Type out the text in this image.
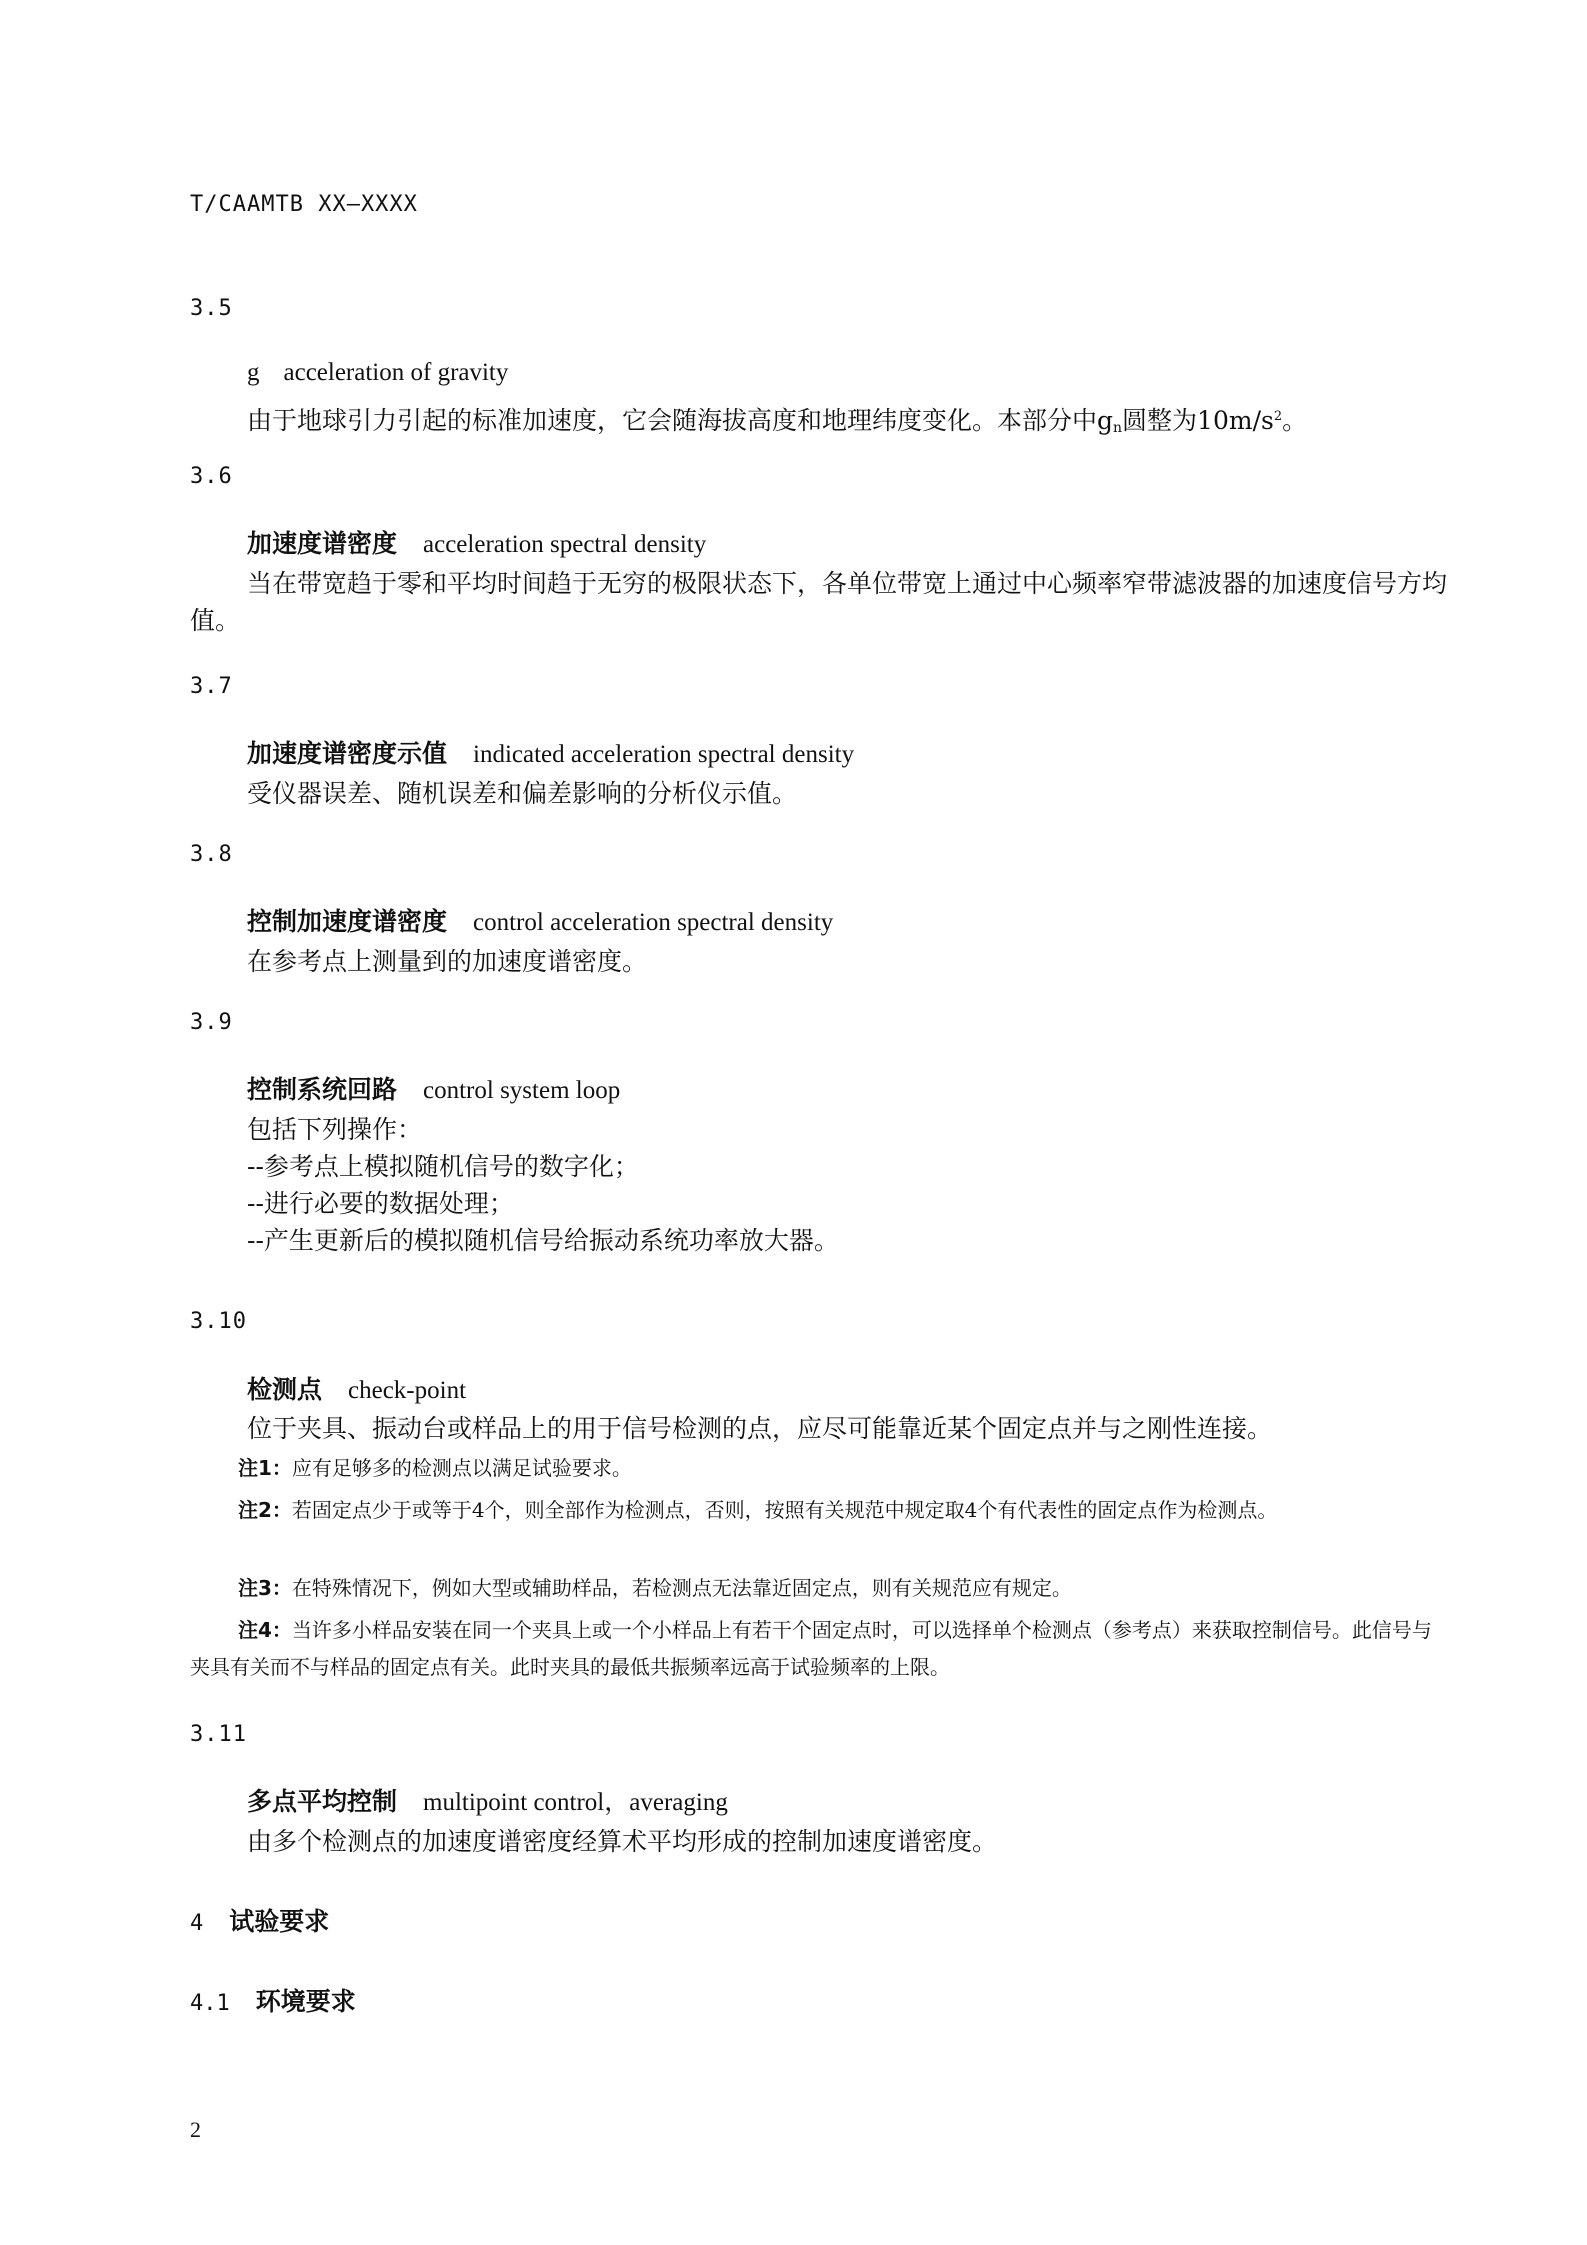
T/CAAMTB XX—XXXX
3.5
g acceleration of gravity
由于地球引力引起的标准加速度，它会随海拔高度和地理纬度变化。本部分中$g_n$圆整为$10m/s^2$。
3.6
加速度谱密度 acceleration spectral density
当在带宽趋于零和平均时间趋于无穷的极限状态下，各单位带宽上通过中心频率窄带滤波器的加速度信号方均值。
3.7
加速度谱密度示值 indicated acceleration spectral density
受仪器误差、随机误差和偏差影响的分析仪示值。
3.8
控制加速度谱密度 control acceleration spectral density
在参考点上测量到的加速度谱密度。
3.9
控制系统回路 control system loop
包括下列操作：
--参考点上模拟随机信号的数字化；
--进行必要的数据处理；
--产生更新后的模拟随机信号给振动系统功率放大器。
3.10
检测点 check-point
位于夹具、振动台或样品上的用于信号检测的点，应尽可能靠近某个固定点并与之刚性连接。
注1：应有足够多的检测点以满足试验要求。
注2：若固定点少于或等于4个，则全部作为检测点，否则，按照有关规范中规定取4个有代表性的固定点作为检测点。
注3：在特殊情况下，例如大型或辅助样品，若检测点无法靠近固定点，则有关规范应有规定。
注4：当许多小样品安装在同一个夹具上或一个小样品上有若干个固定点时，可以选择单个检测点（参考点）来获取控制信号。此信号与夹具有关而不与样品的固定点有关。此时夹具的最低共振频率远高于试验频率的上限。
3.11
多点平均控制 multipoint control，averaging
由多个检测点的加速度谱密度经算术平均形成的控制加速度谱密度。
4 试验要求
4.1 环境要求
2
